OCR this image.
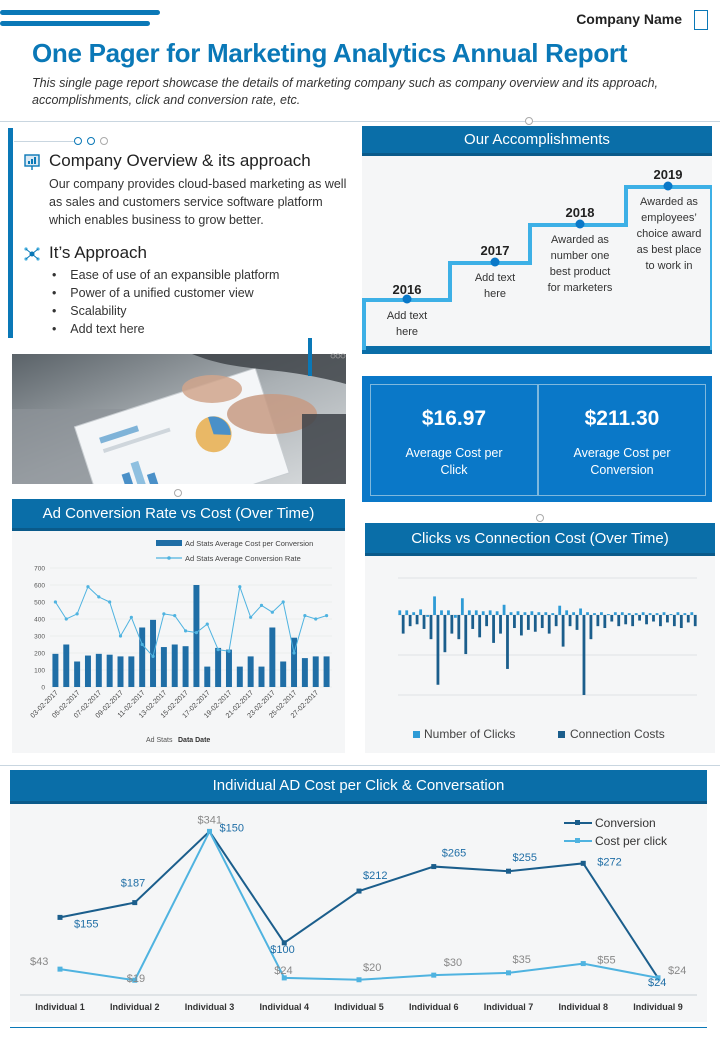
Company Name
One Pager for Marketing Analytics Annual Report
This single page report showcase the details of marketing company such as company overview and its approach, accomplishments, click and conversion rate, etc.
Company Overview & its approach
Our company provides cloud-based marketing as well as sales and customers service software platform which enables business to grow better.
It’s Approach
•    Ease of use of an expansible platform
•    Power of a unified customer view
•    Scalability
•    Add text here
Our Accomplishments
2016
Add text here
2017
Add text here
2018
Awarded as number one best product for marketers
2019
Awarded as employees’ choice award as best place to work in
$16.97
Average Cost per Click
$211.30
Average Cost per Conversion
Ad Conversion Rate vs Cost (Over Time)
Ad Stats Average Cost per Conversion
Ad Stats Average Conversion Rate
0
100
200
300
400
500
600
700
03-02-2017
05-02-2017
07-02-2017
09-02-2017
11-02-2017
13-02-2017
15-02-2017
17-02-2017
19-02-2017
21-02-2017
23-02-2017
25-02-2017
27-02-2017
Ad Stats Data Date
Clicks vs Connection Cost (Over Time)
Number of Clicks	Connection Costs
Individual AD Cost per Click & Conversation
Conversion
Cost per click
$155
$187
$150
$100
$212
$265	$255	$272
$24
$43
$19
$341
$24	$20	$30	$35	$55
$24
Individual 1	Individual 2	Individual 3	Individual 4	Individual 5	Individual 6	Individual 7	Individual 8	Individual 9
